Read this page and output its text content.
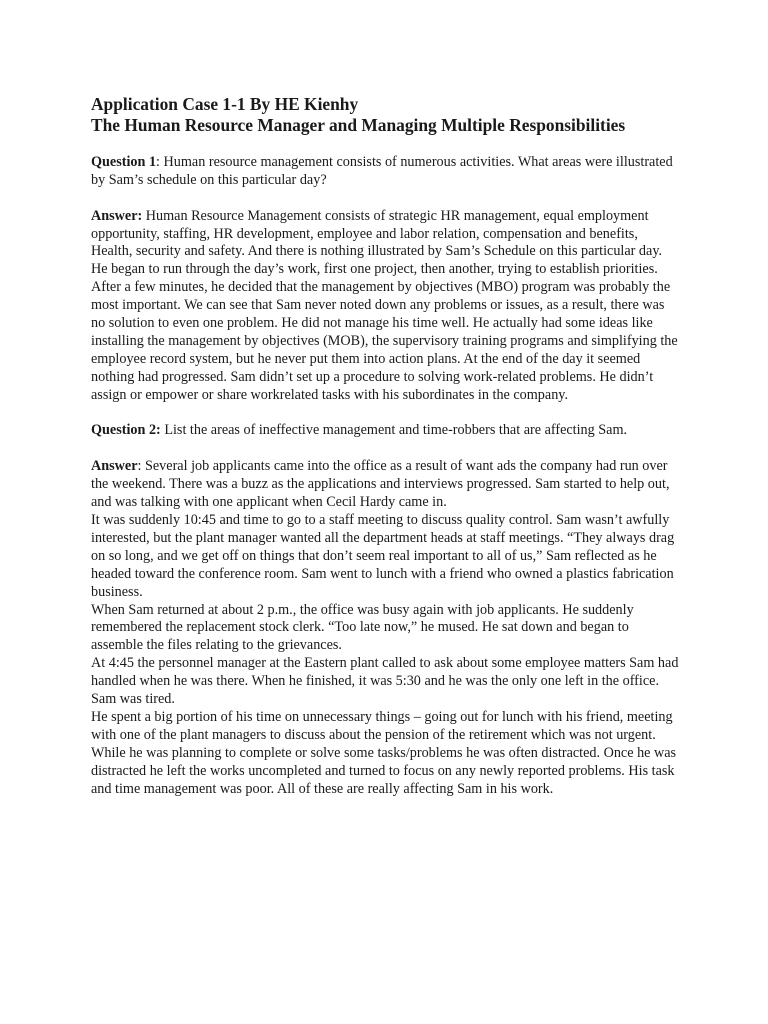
Application Case 1-1 By HE Kienhy

The Human Resource Manager and Managing Multiple Responsibilities

Question 1: Human resource management consists of numerous activities. What areas were illustrated by Sam’s schedule on this particular day?

Answer: Human Resource Management consists of strategic HR management, equal employment opportunity, staffing, HR development, employee and labor relation, compensation and benefits, Health, security and safety. And there is nothing illustrated by Sam’s Schedule on this particular day. He began to run through the day’s work, first one project, then another, trying to establish priorities. After a few minutes, he decided that the management by objectives (MBO) program was probably the most important. We can see that Sam never noted down any problems or issues, as a result, there was no solution to even one problem. He did not manage his time well. He actually had some ideas like installing the management by objectives (MOB), the supervisory training programs and simplifying the employee record system, but he never put them into action plans. At the end of the day it seemed nothing had progressed. Sam didn’t set up a procedure to solving work-related problems. He didn’t assign or empower or share workrelated tasks with his subordinates in the company.

Question 2: List the areas of ineffective management and time-robbers that are affecting Sam.

Answer: Several job applicants came into the office as a result of want ads the company had run over the weekend. There was a buzz as the applications and interviews progressed. Sam started to help out, and was talking with one applicant when Cecil Hardy came in.

It was suddenly 10:45 and time to go to a staff meeting to discuss quality control. Sam wasn’t awfully interested, but the plant manager wanted all the department heads at staff meetings. “They always drag on so long, and we get off on things that don’t seem real important to all of us,” Sam reflected as he headed toward the conference room. Sam went to lunch with a friend who owned a plastics fabrication business.

When Sam returned at about 2 p.m., the office was busy again with job applicants. He suddenly remembered the replacement stock clerk. “Too late now,” he mused. He sat down and began to assemble the files relating to the grievances.

At 4:45 the personnel manager at the Eastern plant called to ask about some employee matters Sam had handled when he was there. When he finished, it was 5:30 and he was the only one left in the office. Sam was tired.

He spent a big portion of his time on unnecessary things – going out for lunch with his friend, meeting with one of the plant managers to discuss about the pension of the retirement which was not urgent. While he was planning to complete or solve some tasks/problems he was often distracted. Once he was distracted he left the works uncompleted and turned to focus on any newly reported problems. His task and time management was poor. All of these are really affecting Sam in his work.
